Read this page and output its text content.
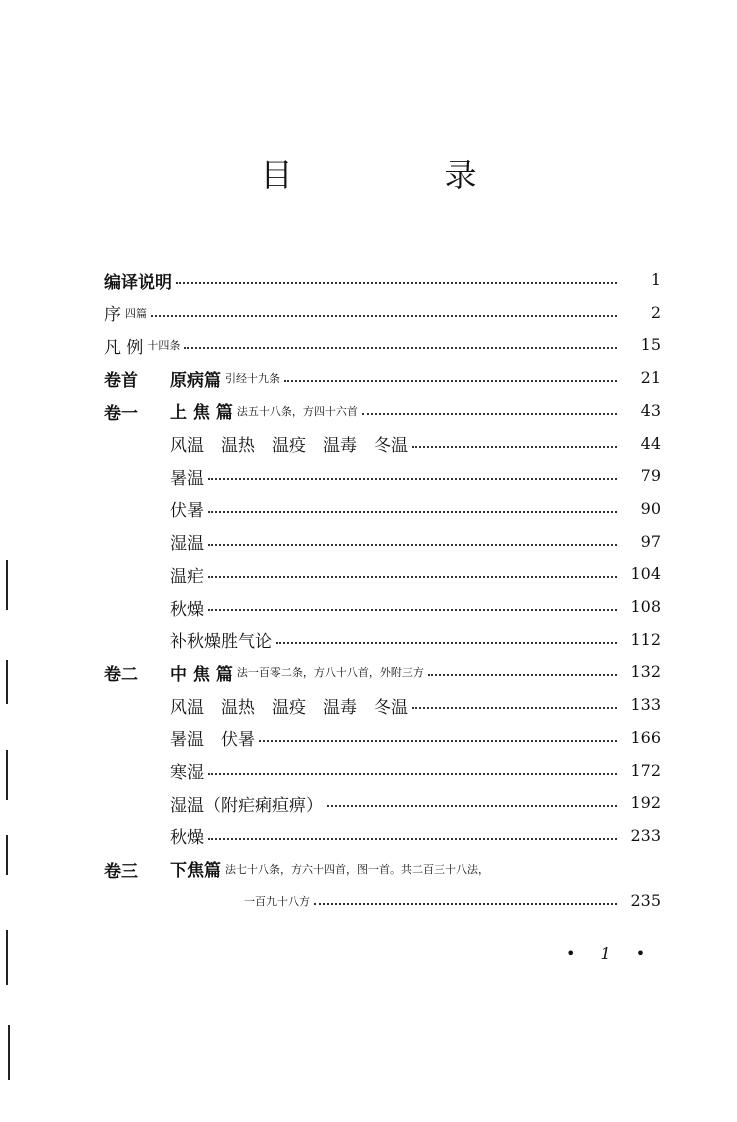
目　录
编译说明	1
序 四篇	2
凡 例 十四条	15
卷首 原病篇 引经十九条	21
卷一 上 焦 篇 法五十八条，方四十六首	43
风温　温热　温疫　温毒　冬温	44
暑温	79
伏暑	90
湿温	97
温疟	104
秋燥	108
补秋燥胜气论	112
卷二 中 焦 篇 法一百零二条，方八十八首，外附三方	132
风温　温热　温疫　温毒　冬温	133
暑温　伏暑	166
寒湿	172
湿温（附疟痢疸痹）	192
秋燥	233
卷三 下焦篇 法七十八条，方六十四首，图一首。共二百三十八法，
一百九十八方	235
• 1 •
